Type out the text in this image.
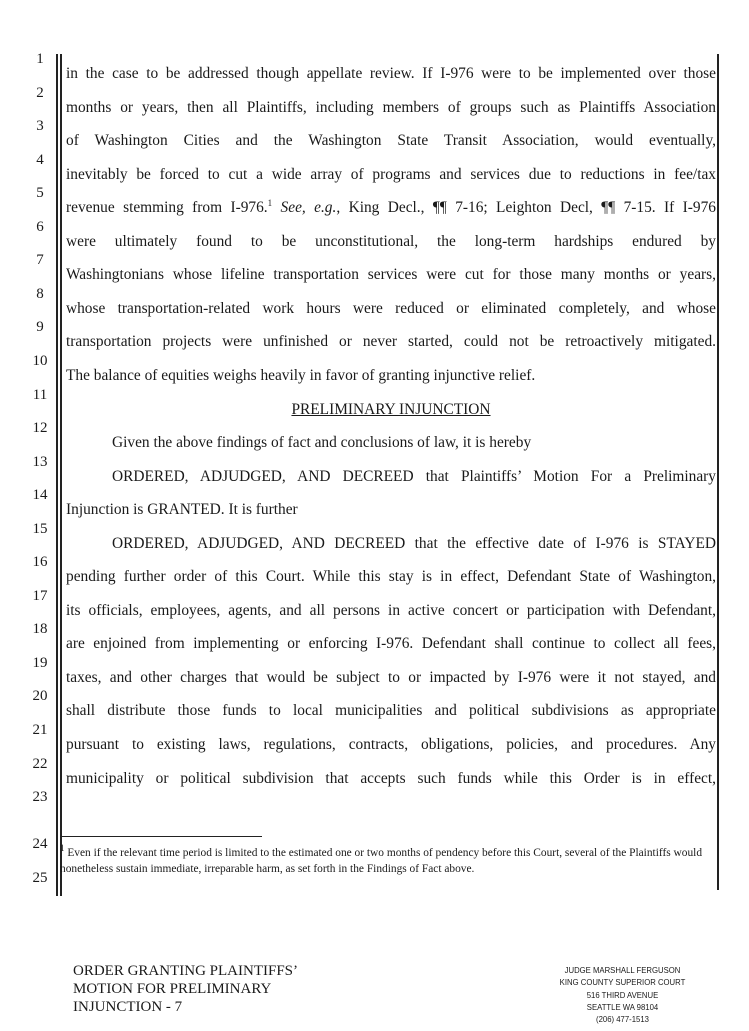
1
2
3
4
5
6
7
8
9
10
11
12
13
14
15
16
17
18
19
20
21
22
23
24
25
in the case to be addressed though appellate review. If I-976 were to be implemented over those
months or years, then all Plaintiffs, including members of groups such as Plaintiffs Association
of Washington Cities and the Washington State Transit Association, would eventually,
inevitably be forced to cut a wide array of programs and services due to reductions in fee/tax
revenue stemming from I-976.$^1$ See, e.g., King Decl., ¶¶ 7-16; Leighton Decl, ¶¶ 7-15. If I-976
were ultimately found to be unconstitutional, the long-term hardships endured by
Washingtonians whose lifeline transportation services were cut for those many months or years,
whose transportation-related work hours were reduced or eliminated completely, and whose
transportation projects were unfinished or never started, could not be retroactively mitigated.
The balance of equities weighs heavily in favor of granting injunctive relief.
PRELIMINARY INJUNCTION
Given the above findings of fact and conclusions of law, it is hereby
ORDERED, ADJUDGED, AND DECREED that Plaintiffs’ Motion For a Preliminary
Injunction is GRANTED. It is further
ORDERED, ADJUDGED, AND DECREED that the effective date of I-976 is STAYED
pending further order of this Court. While this stay is in effect, Defendant State of Washington,
its officials, employees, agents, and all persons in active concert or participation with Defendant,
are enjoined from implementing or enforcing I-976. Defendant shall continue to collect all fees,
taxes, and other charges that would be subject to or impacted by I-976 were it not stayed, and
shall distribute those funds to local municipalities and political subdivisions as appropriate
pursuant to existing laws, regulations, contracts, obligations, policies, and procedures. Any
municipality or political subdivision that accepts such funds while this Order is in effect,
$^1$ Even if the relevant time period is limited to the estimated one or two months of pendency before this Court, several of the Plaintiffs would nonetheless sustain immediate, irreparable harm, as set forth in the Findings of Fact above.
ORDER GRANTING PLAINTIFFS’
MOTION FOR PRELIMINARY
INJUNCTION - 7
JUDGE MARSHALL FERGUSON
KING COUNTY SUPERIOR COURT
516 THIRD AVENUE
SEATTLE WA 98104
(206) 477-1513
